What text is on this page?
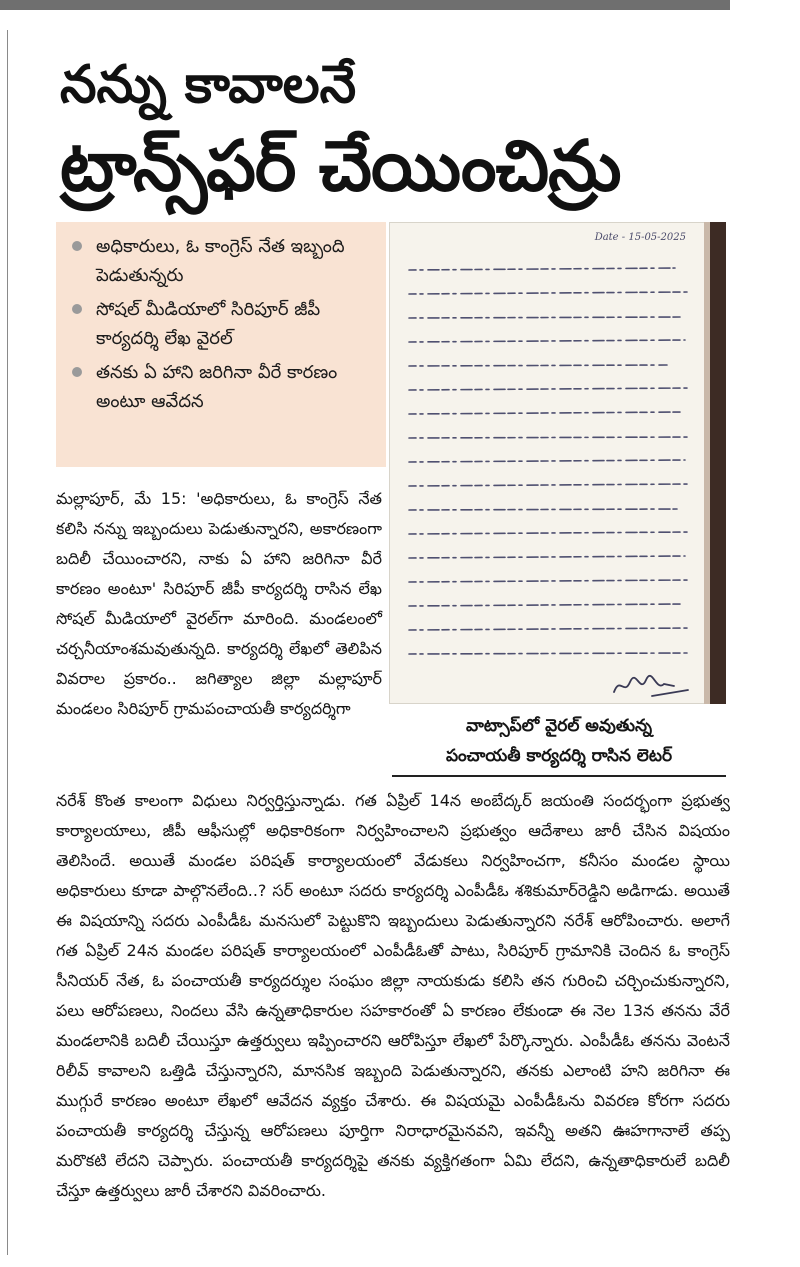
నన్ను కావాలనే
ట్రాన్స్‌ఫర్ చేయించిన్రు
అధికారులు, ఓ కాంగ్రెస్ నేత ఇబ్బంది పెడుతున్నరు
సోషల్ మీడియాలో సిరిపూర్ జీపీ కార్యదర్శి లేఖ వైరల్
తనకు ఏ హాని జరిగినా వీరే కారణం అంటూ ఆవేదన
Date - 15-05-2025

వాట్సాప్‌లో వైరల్ అవుతున్న
పంచాయతీ కార్యదర్శి రాసిన లెటర్

మల్లాపూర్, మే 15: 'అధికారులు, ఓ కాంగ్రెస్ నేత కలిసి నన్ను ఇబ్బందులు పెడుతున్నారని, అకారణంగా బదిలీ చేయించారని, నాకు ఏ హాని జరిగినా వీరే కారణం అంటూ' సిరిపూర్ జీపీ కార్యదర్శి రాసిన లేఖ సోషల్ మీడియాలో వైరల్‌గా మారింది. మండలంలో చర్చనీయాంశమవుతున్నది. కార్యదర్శి లేఖలో తెలిపిన వివరాల ప్రకారం.. జగిత్యాల జిల్లా మల్లాపూర్ మండలం సిరిపూర్ గ్రామపంచాయతీ కార్యదర్శిగా

నరేశ్ కొంత కాలంగా విధులు నిర్వర్తిస్తున్నాడు. గత ఏప్రిల్ 14న అంబేద్కర్ జయంతి సందర్భంగా ప్రభుత్వ కార్యాలయాలు, జీపీ ఆఫీసుల్లో అధికారికంగా నిర్వహించాలని ప్రభుత్వం ఆదేశాలు జారీ చేసిన విషయం తెలిసిందే. అయితే మండల పరిషత్ కార్యాలయంలో వేడుకలు నిర్వహించగా, కనీసం మండల స్థాయి అధికారులు కూడా పాల్గొనలేంది..? సర్ అంటూ సదరు కార్యదర్శి ఎంపీడీఓ శశికుమార్‌రెడ్డిని అడిగాడు. అయితే ఈ విషయాన్ని సదరు ఎంపీడీఓ మనసులో పెట్టుకొని ఇబ్బందులు పెడుతున్నారని నరేశ్ ఆరోపించారు. అలాగే గత ఏప్రిల్ 24న మండల పరిషత్ కార్యాలయంలో ఎంపీడీఓతో పాటు, సిరిపూర్ గ్రామానికి చెందిన ఓ కాంగ్రెస్ సీనియర్ నేత, ఓ పంచాయతీ కార్యదర్శుల సంఘం జిల్లా నాయకుడు కలిసి తన గురించి చర్చించుకున్నారని, పలు ఆరోపణలు, నిందలు వేసి ఉన్నతాధికారుల సహకారంతో ఏ కారణం లేకుండా ఈ నెల 13న తనను వేరే మండలానికి బదిలీ చేయిస్తూ ఉత్తర్వులు ఇప్పించారని ఆరోపిస్తూ లేఖలో పేర్కొన్నారు. ఎంపీడీఓ తనను వెంటనే రిలీవ్ కావాలని ఒత్తిడి చేస్తున్నారని, మానసిక ఇబ్బంది పెడుతున్నారని, తనకు ఎలాంటి హని జరిగినా ఈ ముగ్గురే కారణం అంటూ లేఖలో ఆవేదన వ్యక్తం చేశారు. ఈ విషయమై ఎంపీడీఓను వివరణ కోరగా సదరు పంచాయతీ కార్యదర్శి చేస్తున్న ఆరోపణలు పూర్తిగా నిరాధారమైనవని, ఇవన్నీ అతని ఊహగానాలే తప్ప మరొకటి లేదని చెప్పారు. పంచాయతీ కార్యదర్శిపై తనకు వ్యక్తిగతంగా ఏమి లేదని, ఉన్నతాధికారులే బదిలీ చేస్తూ ఉత్తర్వులు జారీ చేశారని వివరించారు.
